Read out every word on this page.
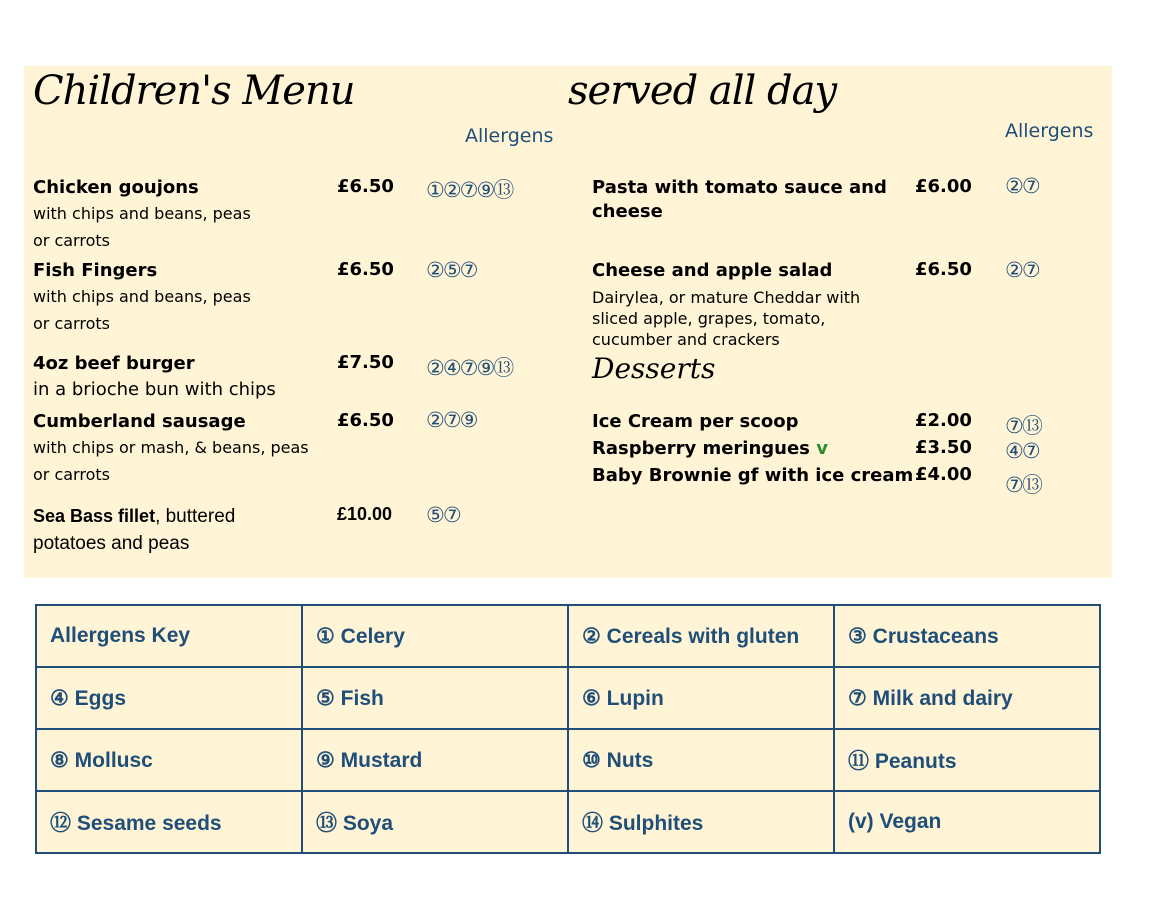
Children's Menu	served all day
Allergens	Allergens
Chicken goujons
with chips and beans, peas
or carrots
£6.50 ①②⑦⑨⑬
Fish Fingers
with chips and beans, peas
or carrots
£6.50 ②⑤⑦
4oz beef burger
in a brioche bun with chips
£7.50 ②④⑦⑨⑬
Cumberland sausage
with chips or mash, & beans, peas
or carrots
£6.50 ②⑦⑨
Sea Bass fillet, buttered
potatoes and peas
£10.00 ⑤⑦
Pasta with tomato sauce and
cheese
£6.00 ②⑦
Cheese and apple salad
Dairylea, or mature Cheddar with
sliced apple, grapes, tomato,
cucumber and crackers
£6.50 ②⑦
Desserts
Ice Cream per scoop	£2.00 ⑦⑬
Raspberry meringues v	£3.50 ④⑦
Baby Brownie gf with ice cream £4.00 ⑦⑬
Allergens Key	① Celery	② Cereals with gluten	③ Crustaceans
④ Eggs	⑤ Fish	⑥ Lupin	⑦ Milk and dairy
⑧ Mollusc	⑨ Mustard	⑩ Nuts	⑪ Peanuts
⑫ Sesame seeds	⑬ Soya	⑭ Sulphites	(v) Vegan
